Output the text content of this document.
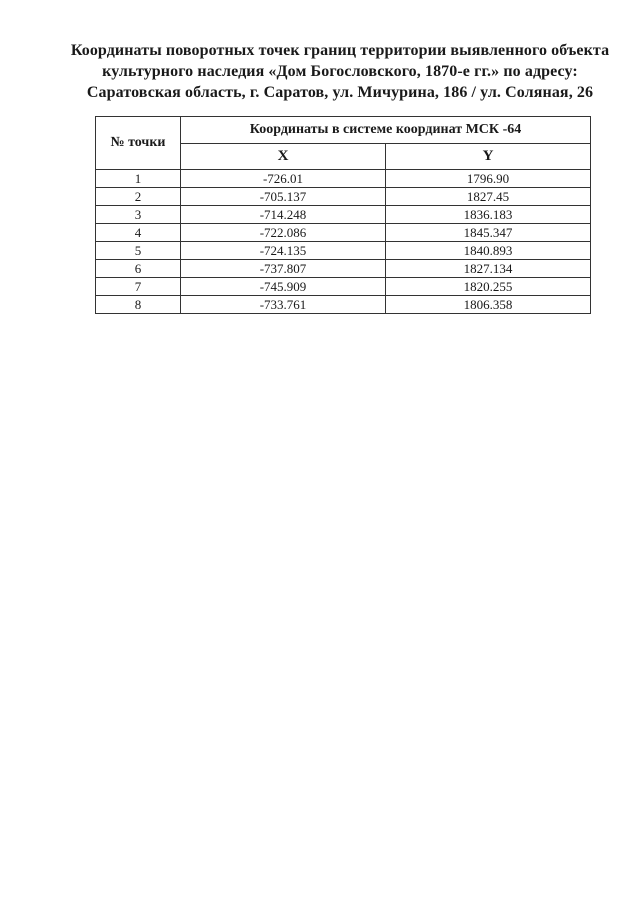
Координаты поворотных точек границ территории выявленного объекта
культурного наследия «Дом Богословского, 1870-е гг.» по адресу:
Саратовская область, г. Саратов, ул. Мичурина, 186 / ул. Соляная, 26
№ точки	Координаты в системе координат МСК -64	
	X	Y
1	-726.01	1796.90
2	-705.137	1827.45
3	-714.248	1836.183
4	-722.086	1845.347
5	-724.135	1840.893
6	-737.807	1827.134
7	-745.909	1820.255
8	-733.761	1806.358
